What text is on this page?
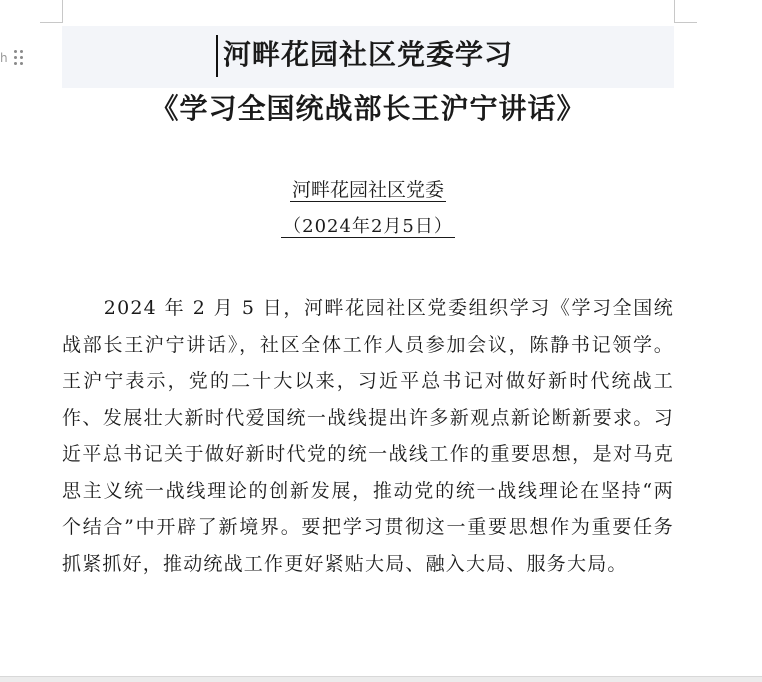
h	河畔花园社区党委学习
《学习全国统战部长王沪宁讲话》
河畔花园社区党委
（2024年2月5日）

2024 年 2 月 5 日，河畔花园社区党委组织学习《学习全国统战部长王沪宁讲话》，社区全体工作人员参加会议，陈静书记领学。王沪宁表示，党的二十大以来，习近平总书记对做好新时代统战工作、发展壮大新时代爱国统一战线提出许多新观点新论断新要求。习近平总书记关于做好新时代党的统一战线工作的重要思想，是对马克思主义统一战线理论的创新发展，推动党的统一战线理论在坚持“两个结合”中开辟了新境界。要把学习贯彻这一重要思想作为重要任务抓紧抓好，推动统战工作更好紧贴大局、融入大局、服务大局。
